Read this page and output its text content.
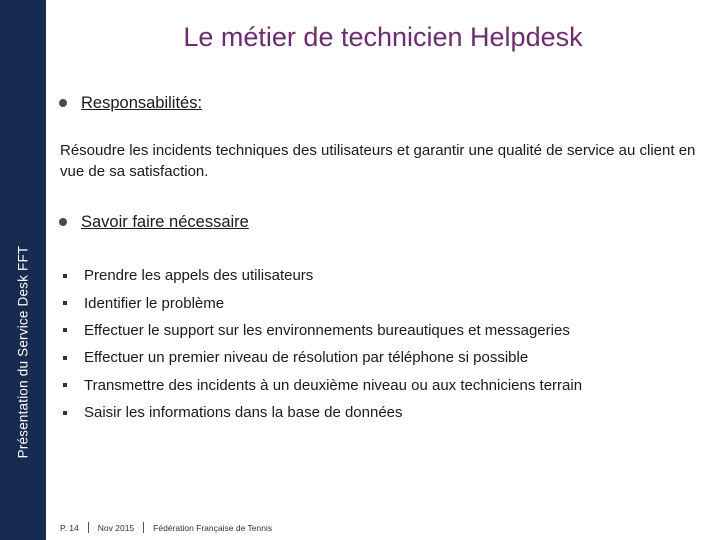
Présentation du Service Desk FFT
Le métier de technicien Helpdesk
Responsabilités:
Résoudre les incidents techniques des utilisateurs et garantir une qualité de service au client en vue de sa satisfaction.
Savoir faire nécessaire
Prendre les appels des utilisateurs
Identifier le problème
Effectuer le support sur les environnements bureautiques et messageries
Effectuer un premier niveau de résolution par téléphone si possible
Transmettre des incidents à un deuxième niveau ou aux techniciens terrain
Saisir les informations dans la base de données
P. 14 Nov 2015 Fédération Française de Tennis
